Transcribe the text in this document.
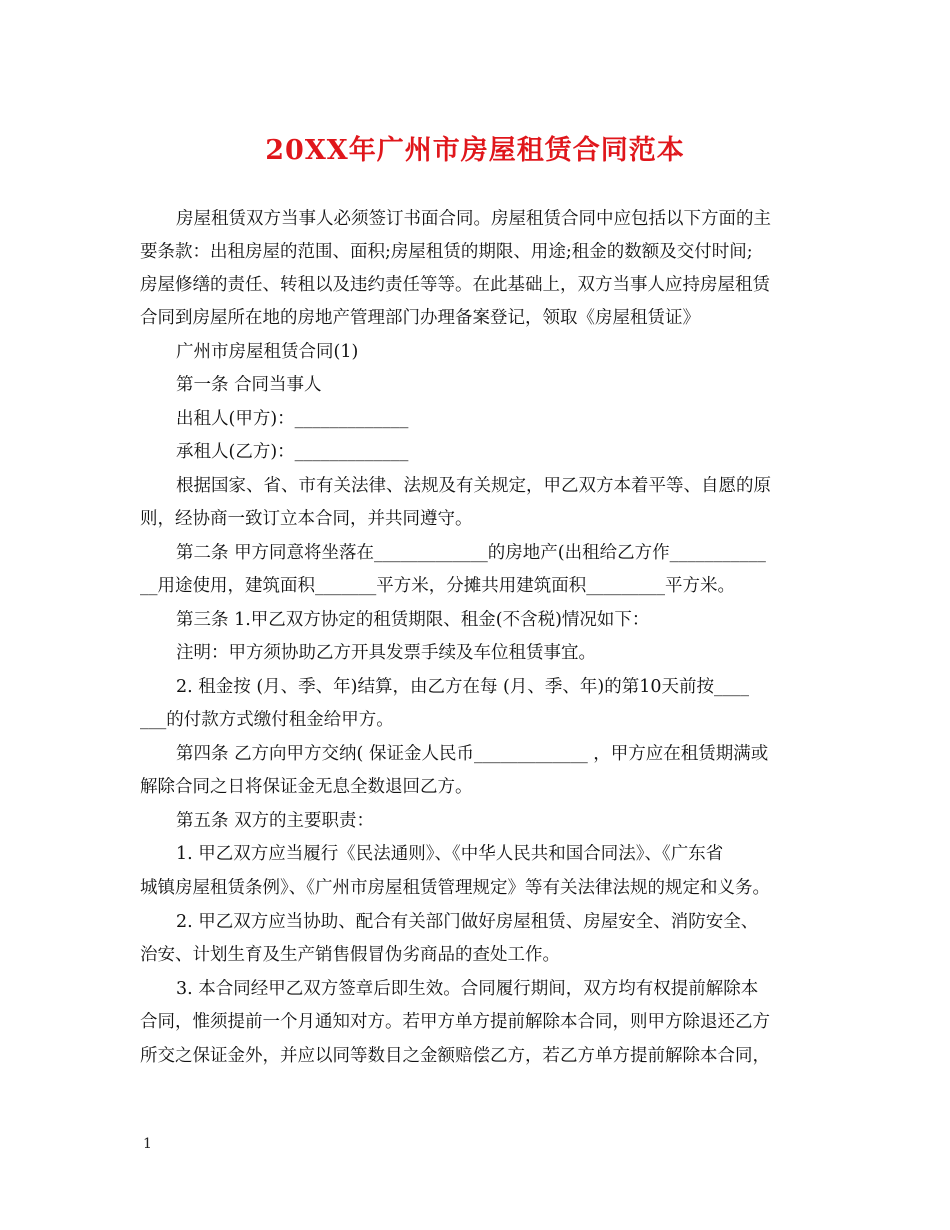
20XX年广州市房屋租赁合同范本
房屋租赁双方当事人必须签订书面合同。房屋租赁合同中应包括以下方面的主
要条款：出租房屋的范围、面积;房屋租赁的期限、用途;租金的数额及交付时间;
房屋修缮的责任、转租以及违约责任等等。在此基础上，双方当事人应持房屋租赁
合同到房屋所在地的房地产管理部门办理备案登记，领取《房屋租赁证》
广州市房屋租赁合同(1)
第一条 合同当事人
出租人(甲方)：_____________
承租人(乙方)：_____________
根据国家、省、市有关法律、法规及有关规定，甲乙双方本着平等、自愿的原
则，经协商一致订立本合同，并共同遵守。
第二条 甲方同意将坐落在_____________的房地产(出租给乙方作___________
__用途使用，建筑面积_______平方米，分摊共用建筑面积_________平方米。
第三条 1.甲乙双方协定的租赁期限、租金(不含税)情况如下：
注明：甲方须协助乙方开具发票手续及车位租赁事宜。
2. 租金按 (月、季、年)结算，由乙方在每 (月、季、年)的第10天前按____
___的付款方式缴付租金给甲方。
第四条 乙方向甲方交纳( 保证金人民币_____________ ，甲方应在租赁期满或
解除合同之日将保证金无息全数退回乙方。
第五条 双方的主要职责：
1. 甲乙双方应当履行《民法通则》、《中华人民共和国合同法》、《广东省
城镇房屋租赁条例》、《广州市房屋租赁管理规定》等有关法律法规的规定和义务。
2. 甲乙双方应当协助、配合有关部门做好房屋租赁、房屋安全、消防安全、
治安、计划生育及生产销售假冒伪劣商品的查处工作。
3. 本合同经甲乙双方签章后即生效。合同履行期间，双方均有权提前解除本
合同，惟须提前一个月通知对方。若甲方单方提前解除本合同，则甲方除退还乙方
所交之保证金外，并应以同等数目之金额赔偿乙方，若乙方单方提前解除本合同，
1
